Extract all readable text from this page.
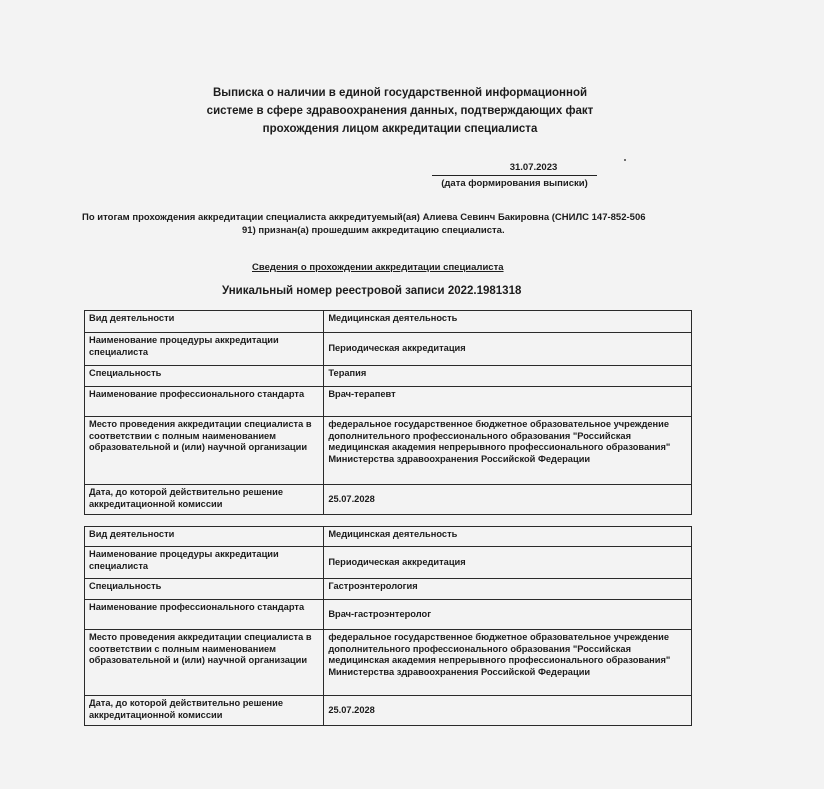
Выписка о наличии в единой государственной информационной
системе в сфере здравоохранения данных, подтверждающих факт
прохождения лицом аккредитации специалиста
31.07.2023
(дата формирования выписки)
По итогам прохождения аккредитации специалиста аккредитуемый(ая) Алиева Севинч Бакировна (СНИЛС 147-852-506
91) признан(а) прошедшим аккредитацию специалиста.
Сведения о прохождении аккредитации специалиста
Уникальный номер реестровой записи 2022.1981318
Вид деятельности	Медицинская деятельность
Наименование процедуры аккредитации специалиста	Периодическая аккредитация
Специальность	Терапия
Наименование профессионального стандарта	Врач-терапевт
Место проведения аккредитации специалиста в соответствии с полным наименованием образовательной и (или) научной организации	федеральное государственное бюджетное образовательное учреждение дополнительного профессионального образования "Российская медицинская академия непрерывного профессионального образования" Министерства здравоохранения Российской Федерации
Дата, до которой действительно решение аккредитационной комиссии	25.07.2028
Вид деятельности	Медицинская деятельность
Наименование процедуры аккредитации специалиста	Периодическая аккредитация
Специальность	Гастроэнтерология
Наименование профессионального стандарта	Врач-гастроэнтеролог
Место проведения аккредитации специалиста в соответствии с полным наименованием образовательной и (или) научной организации	федеральное государственное бюджетное образовательное учреждение дополнительного профессионального образования "Российская медицинская академия непрерывного профессионального образования" Министерства здравоохранения Российской Федерации
Дата, до которой действительно решение аккредитационной комиссии	25.07.2028
